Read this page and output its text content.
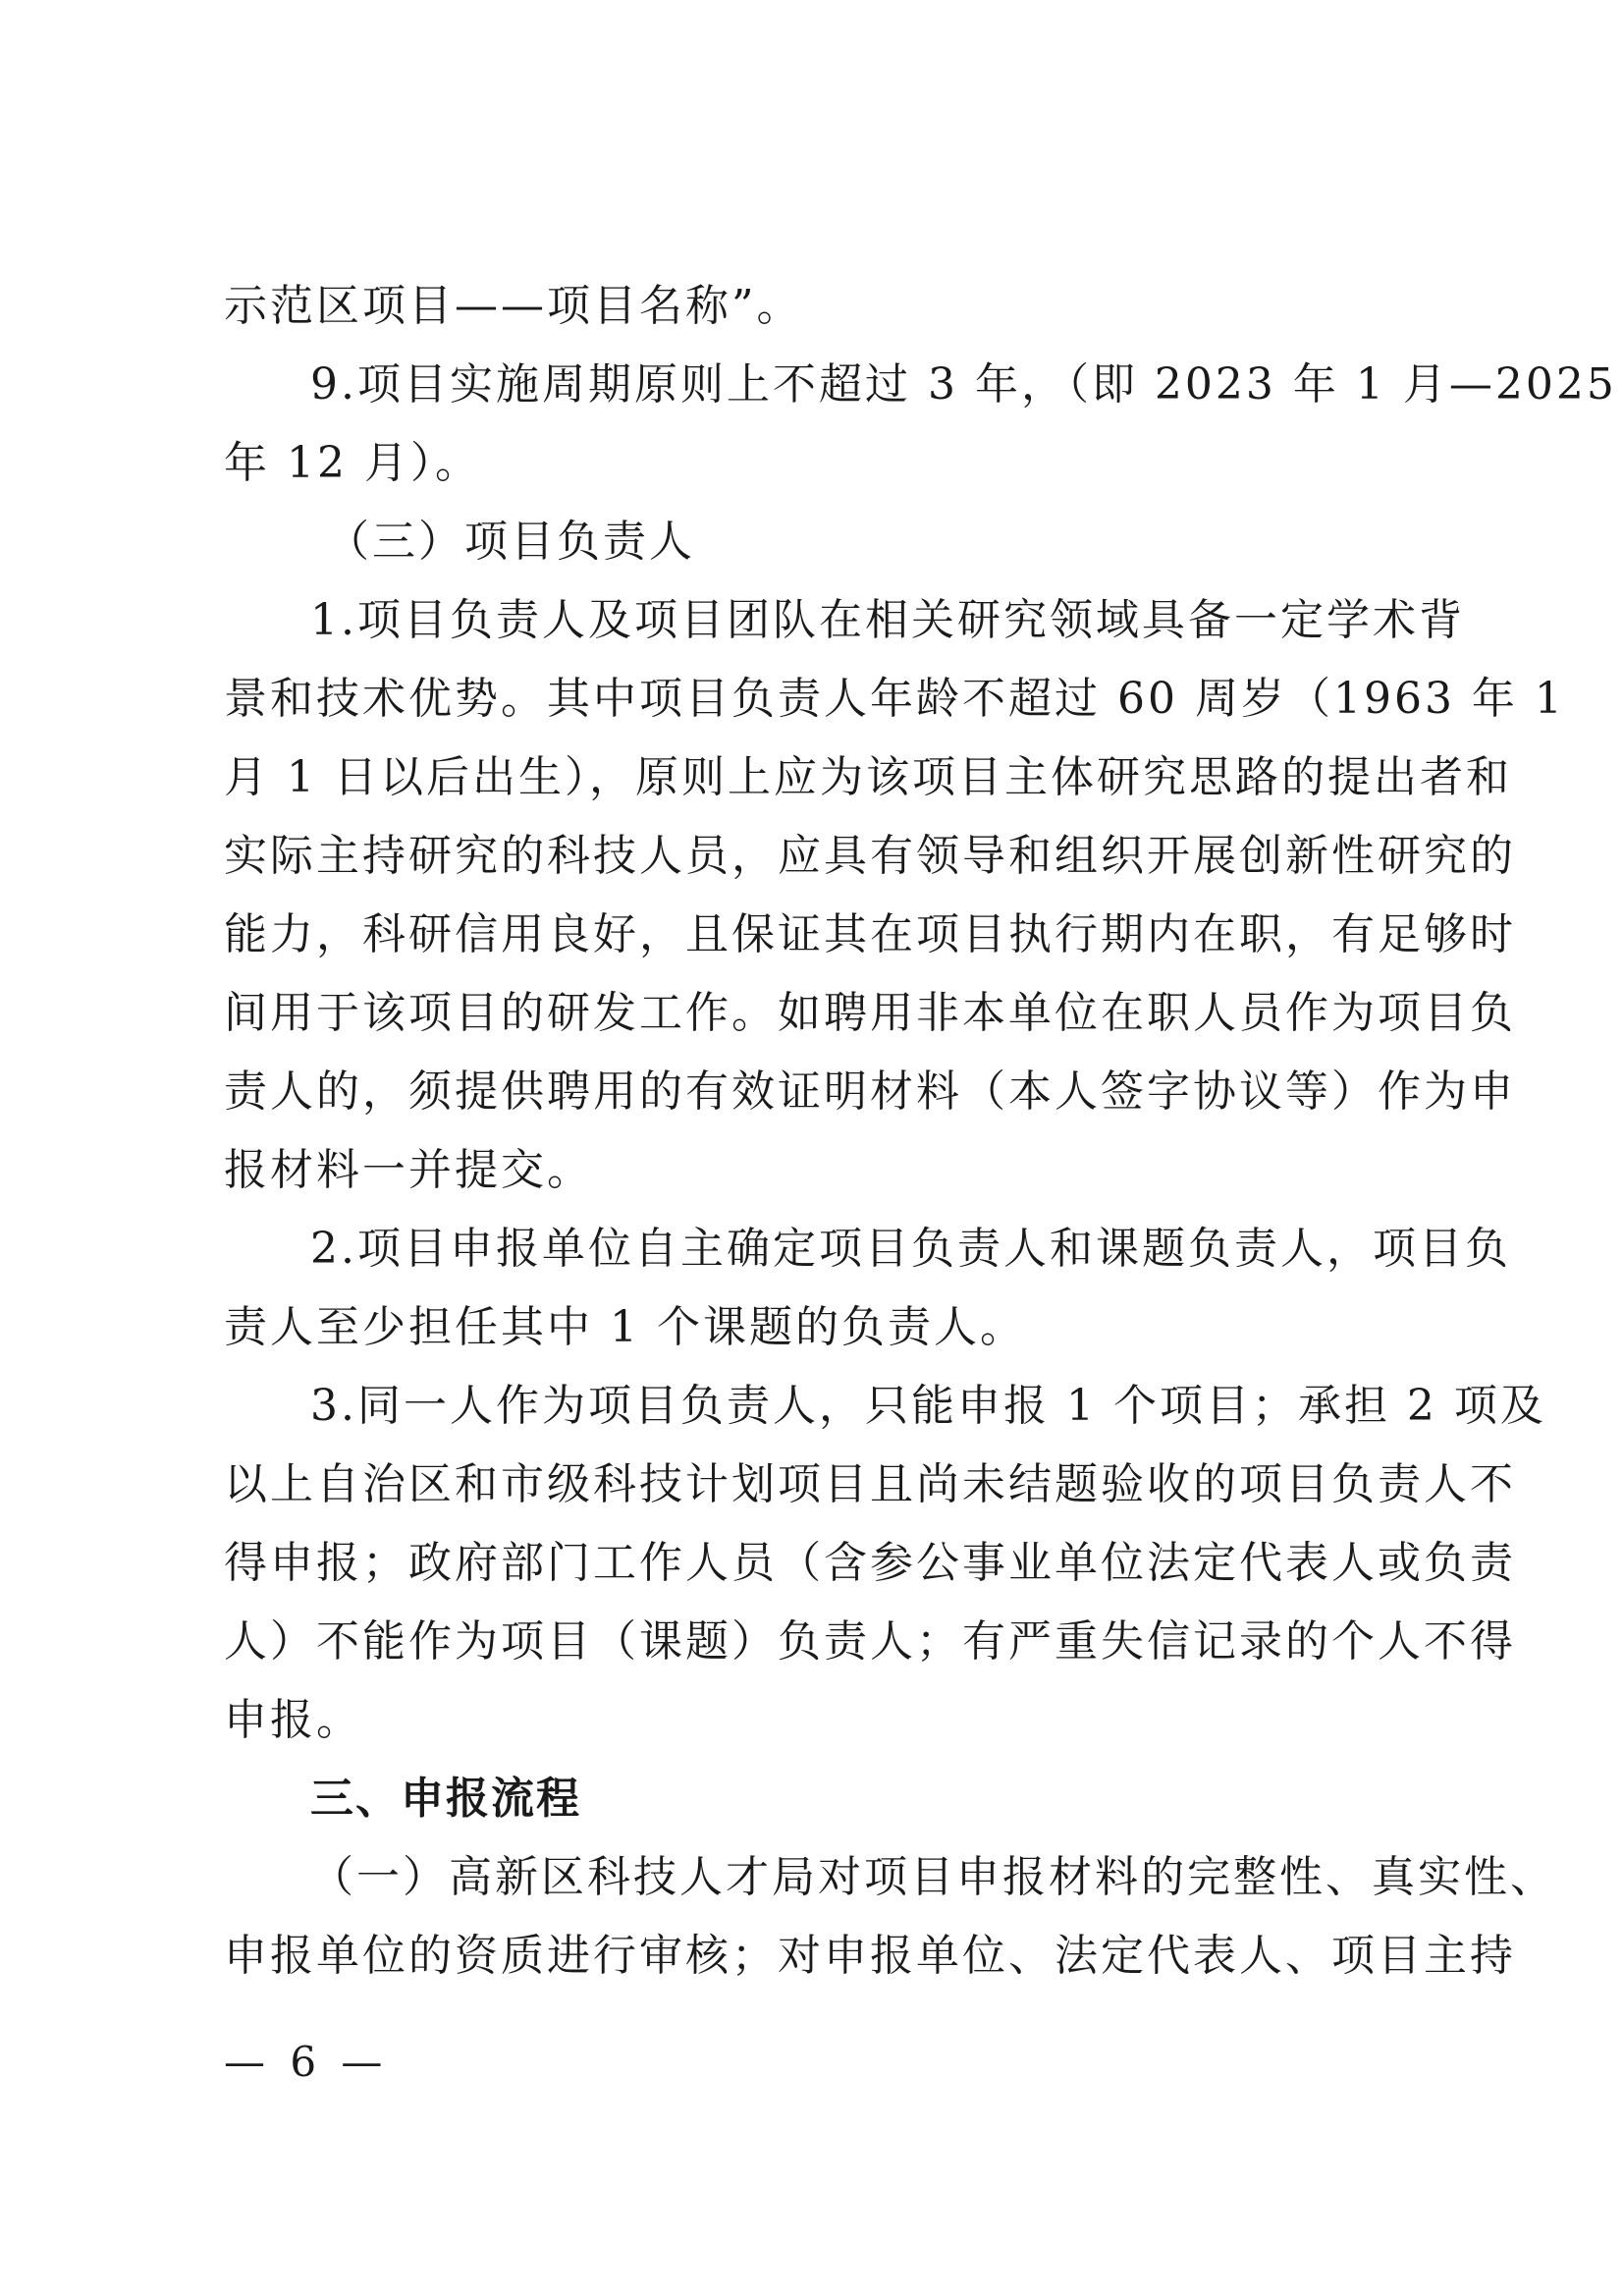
示范区项目——项目名称”。
9.项目实施周期原则上不超过 3 年，（即 2023 年 1 月—2025
年 12 月）。
（三）项目负责人
1.项目负责人及项目团队在相关研究领域具备一定学术背
景和技术优势。其中项目负责人年龄不超过 60 周岁（1963 年 1
月 1 日以后出生），原则上应为该项目主体研究思路的提出者和
实际主持研究的科技人员，应具有领导和组织开展创新性研究的
能力，科研信用良好，且保证其在项目执行期内在职，有足够时
间用于该项目的研发工作。如聘用非本单位在职人员作为项目负
责人的，须提供聘用的有效证明材料（本人签字协议等）作为申
报材料一并提交。
2.项目申报单位自主确定项目负责人和课题负责人，项目负
责人至少担任其中 1 个课题的负责人。
3.同一人作为项目负责人，只能申报 1 个项目；承担 2 项及
以上自治区和市级科技计划项目且尚未结题验收的项目负责人不
得申报；政府部门工作人员（含参公事业单位法定代表人或负责
人）不能作为项目（课题）负责人；有严重失信记录的个人不得
申报。
三、申报流程
（一）高新区科技人才局对项目申报材料的完整性、真实性、
申报单位的资质进行审核；对申报单位、法定代表人、项目主持
— 6 —
